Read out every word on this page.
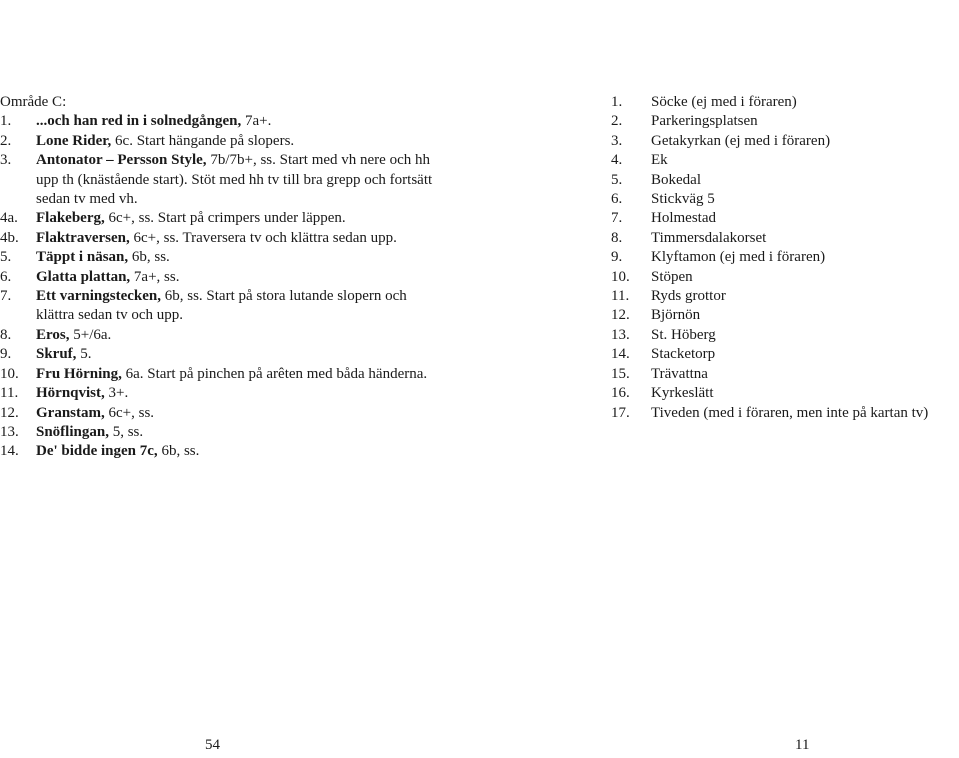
Område C:
1.	...och han red in i solnedgången, 7a+.
2.	Lone Rider, 6c. Start hängande på slopers.
3.	Antonator – Persson Style, 7b/7b+, ss. Start med vh nere och hh upp th (knästående start). Stöt med hh tv till bra grepp och fortsätt sedan tv med vh.
4a.	Flakeberg, 6c+, ss. Start på crimpers under läppen.
4b.	Flaktraversen, 6c+, ss. Traversera tv och klättra sedan upp.
5.	Täppt i näsan, 6b, ss.
6.	Glatta plattan, 7a+, ss.
7.	Ett varningstecken, 6b, ss. Start på stora lutande slopern och klättra sedan tv och upp.
8.	Eros, 5+/6a.
9.	Skruf, 5.
10.	Fru Hörning, 6a. Start på pinchen på arêten med båda händerna.
11.	Hörnqvist, 3+.
12.	Granstam, 6c+, ss.
13.	Snöflingan, 5, ss.
14.	De' bidde ingen 7c, 6b, ss.
1.	Söcke (ej med i föraren)
2.	Parkeringsplatsen
3.	Getakyrkan (ej med i föraren)
4.	Ek
5.	Bokedal
6.	Stickväg 5
7.	Holmestad
8.	Timmersdalakorset
9.	Klyftamon (ej med i föraren)
10.	Stöpen
11.	Ryds grottor
12.	Björnön
13.	St. Höberg
14.	Stacketorp
15.	Trävattna
16.	Kyrkeslätt
17.	Tiveden (med i föraren, men inte på kartan tv)
54	11
